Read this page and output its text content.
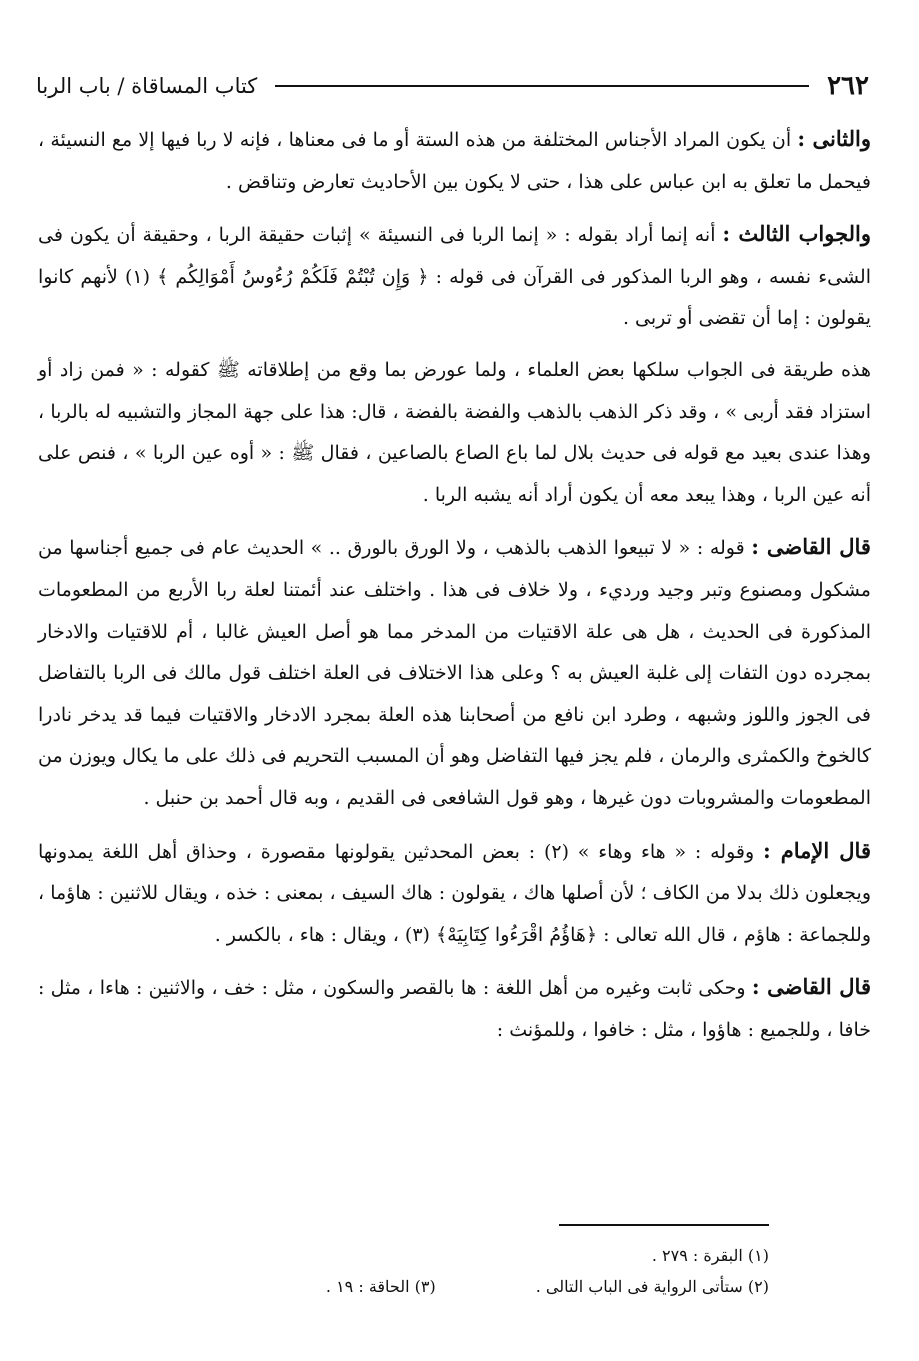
٢٦٢
كتاب المساقاة / باب الربا

والثانى : أن يكون المراد الأجناس المختلفة من هذه الستة أو ما فى معناها ، فإنه لا ربا فيها إلا مع النسيئة ، فيحمل ما تعلق به ابن عباس على هذا ، حتى لا يكون بين الأحاديث تعارض وتناقض .

والجواب الثالث : أنه إنما أراد بقوله : « إنما الربا فى النسيئة » إثبات حقيقة الربا ، وحقيقة أن يكون فى الشىء نفسه ، وهو الربا المذكور فى القرآن فى قوله : ﴿ وَإِن تُبْتُمْ فَلَكُمْ رُءُوسُ أَمْوَالِكُم ﴾ (١) لأنهم كانوا يقولون : إما أن تقضى أو تربى .

هذه طريقة فى الجواب سلكها بعض العلماء ، ولما عورض بما وقع من إطلاقاته ﷺ كقوله : « فمن زاد أو استزاد فقد أربى » ، وقد ذكر الذهب بالذهب والفضة بالفضة ، قال: هذا على جهة المجاز والتشبيه له بالربا ، وهذا عندى بعيد مع قوله فى حديث بلال لما باع الصاع بالصاعين ، فقال ﷺ : « أوه عين الربا » ، فنص على أنه عين الربا ، وهذا يبعد معه أن يكون أراد أنه يشبه الربا .

قال القاضى : قوله : « لا تبيعوا الذهب بالذهب ، ولا الورق بالورق .. » الحديث عام فى جميع أجناسها من مشكول ومصنوع وتبر وجيد ورديء ، ولا خلاف فى هذا . واختلف عند أئمتنا لعلة ربا الأربع من المطعومات المذكورة فى الحديث ، هل هى علة الاقتيات من المدخر مما هو أصل العيش غالبا ، أم للاقتيات والادخار بمجرده دون التفات إلى غلبة العيش به ؟ وعلى هذا الاختلاف فى العلة اختلف قول مالك فى الربا بالتفاضل فى الجوز واللوز وشبهه ، وطرد ابن نافع من أصحابنا هذه العلة بمجرد الادخار والاقتيات فيما قد يدخر نادرا كالخوخ والكمثرى والرمان ، فلم يجز فيها التفاضل وهو أن المسبب التحريم فى ذلك على ما يكال ويوزن من المطعومات والمشروبات دون غيرها ، وهو قول الشافعى فى القديم ، وبه قال أحمد بن حنبل .

قال الإمام : وقوله : « هاء وهاء » (٢) : بعض المحدثين يقولونها مقصورة ، وحذاق أهل اللغة يمدونها ويجعلون ذلك بدلا من الكاف ؛ لأن أصلها هاك ، يقولون : هاك السيف ، بمعنى : خذه ، ويقال للاثنين : هاؤما ، وللجماعة : هاؤم ، قال الله تعالى : ﴿هَاؤُمُ اقْرَءُوا كِتَابِيَهْ﴾ (٣) ، ويقال : هاء ، بالكسر .

قال القاضى : وحكى ثابت وغيره من أهل اللغة : ها بالقصر والسكون ، مثل : خف ، والاثنين : هاءا ، مثل : خافا ، وللجميع : هاؤوا ، مثل : خافوا ، وللمؤنث :

(١) البقرة : ٢٧٩ .
(٢) ستأتى الرواية فى الباب التالى .
(٣) الحاقة : ١٩ .
